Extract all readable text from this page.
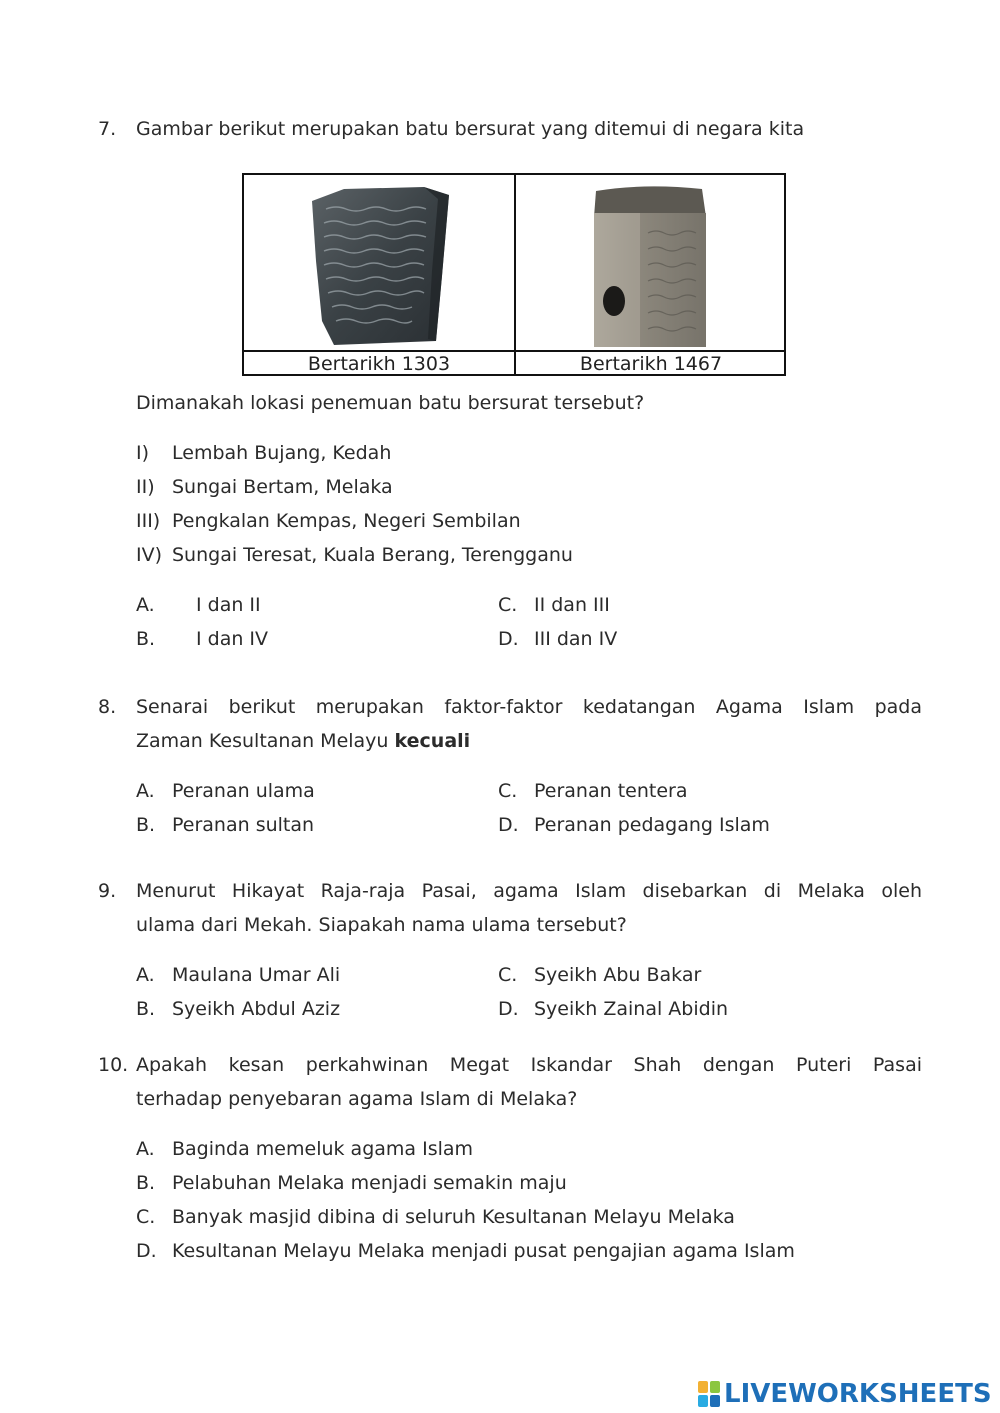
7. Gambar berikut merupakan batu bersurat yang ditemui di negara kita
Bertarikh 1303	Bertarikh 1467
Dimanakah lokasi penemuan batu bersurat tersebut?
I) Lembah Bujang, Kedah
II) Sungai Bertam, Melaka
III) Pengkalan Kempas, Negeri Sembilan
IV) Sungai Teresat, Kuala Berang, Terengganu
A. I dan II
B. I dan IV
C. II dan III
D. III dan IV
8. Senarai berikut merupakan faktor-faktor kedatangan Agama Islam pada
Zaman Kesultanan Melayu kecuali
A. Peranan ulama
B. Peranan sultan
C. Peranan tentera
D. Peranan pedagang Islam
9. Menurut Hikayat Raja-raja Pasai, agama Islam disebarkan di Melaka oleh
ulama dari Mekah. Siapakah nama ulama tersebut?
A. Maulana Umar Ali
B. Syeikh Abdul Aziz
C. Syeikh Abu Bakar
D. Syeikh Zainal Abidin
10. Apakah kesan perkahwinan Megat Iskandar Shah dengan Puteri Pasai
terhadap penyebaran agama Islam di Melaka?
A. Baginda memeluk agama Islam
B. Pelabuhan Melaka menjadi semakin maju
C. Banyak masjid dibina di seluruh Kesultanan Melayu Melaka
D. Kesultanan Melayu Melaka menjadi pusat pengajian agama Islam
LIVEWORKSHEETS
